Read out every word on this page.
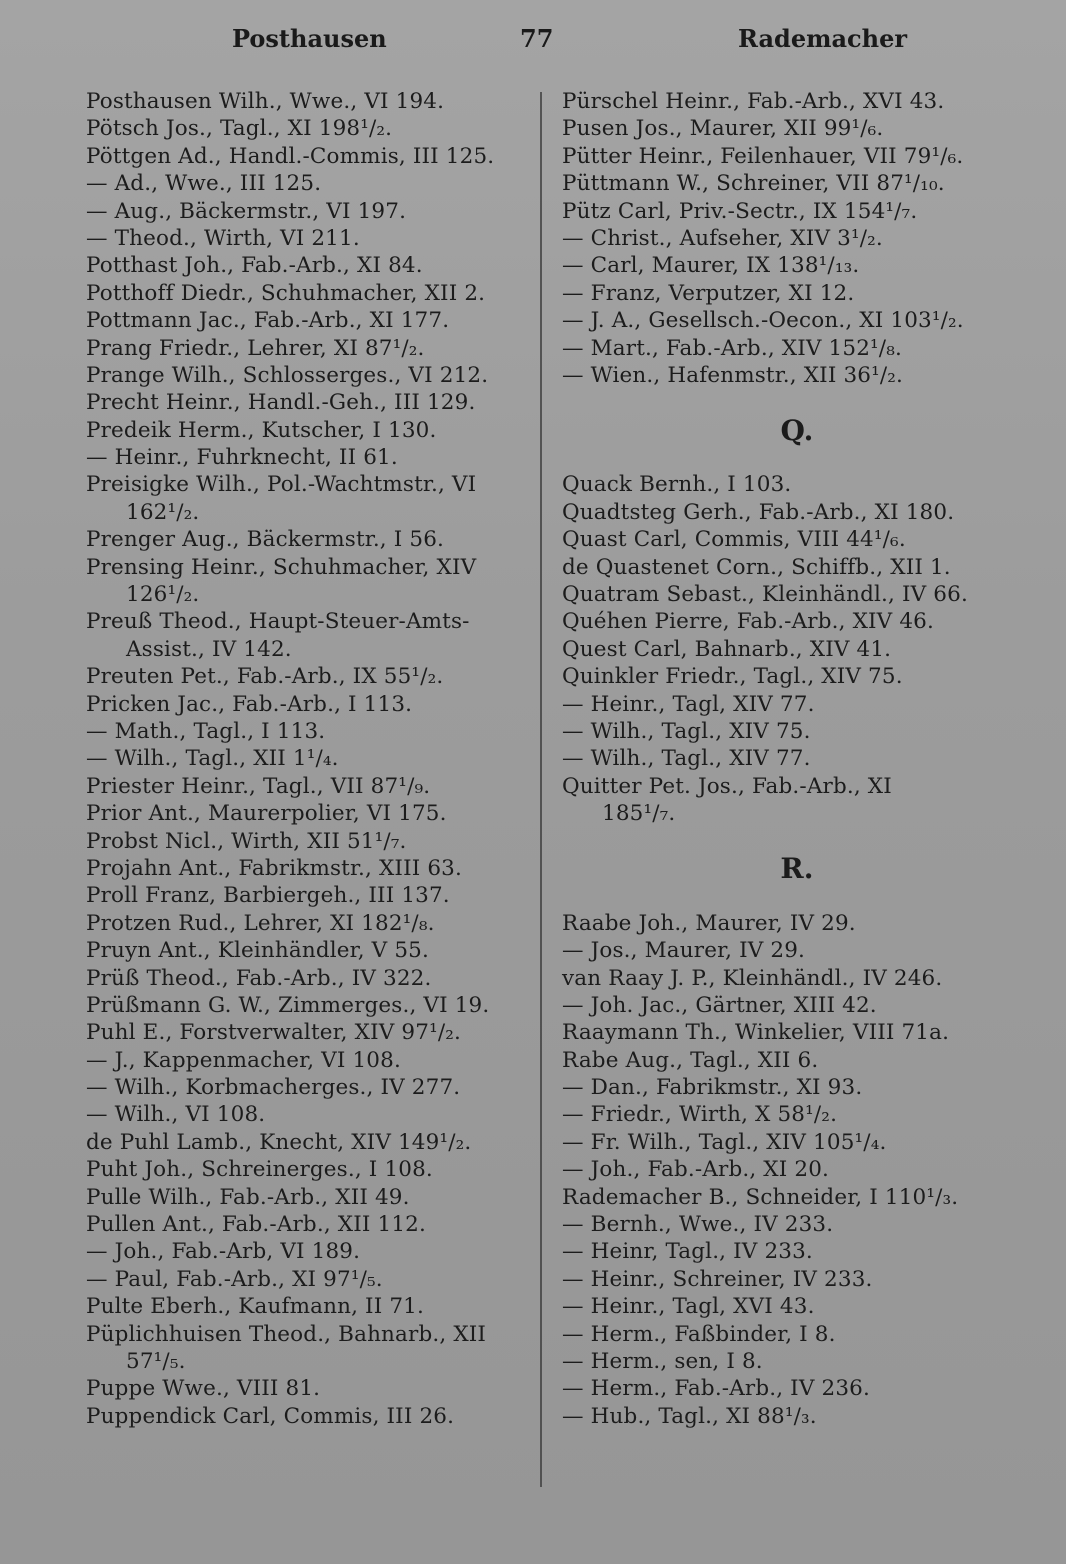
Posthausen	77	Rademacher
Posthausen Wilh., Wwe., VI 194.
Pötsch Jos., Tagl., XI 198¹/₂.
Pöttgen Ad., Handl.-Commis, III 125.
— Ad., Wwe., III 125.
— Aug., Bäckermstr., VI 197.
— Theod., Wirth, VI 211.
Potthast Joh., Fab.-Arb., XI 84.
Potthoff Diedr., Schuhmacher, XII 2.
Pottmann Jac., Fab.-Arb., XI 177.
Prang Friedr., Lehrer, XI 87¹/₂.
Prange Wilh., Schlosserges., VI 212.
Precht Heinr., Handl.-Geh., III 129.
Predeik Herm., Kutscher, I 130.
— Heinr., Fuhrknecht, II 61.
Preisigke Wilh., Pol.-Wachtmstr., VI
162¹/₂.
Prenger Aug., Bäckermstr., I 56.
Prensing Heinr., Schuhmacher, XIV
126¹/₂.
Preuß Theod., Haupt-Steuer-Amts-
Assist., IV 142.
Preuten Pet., Fab.-Arb., IX 55¹/₂.
Pricken Jac., Fab.-Arb., I 113.
— Math., Tagl., I 113.
— Wilh., Tagl., XII 1¹/₄.
Priester Heinr., Tagl., VII 87¹/₉.
Prior Ant., Maurerpolier, VI 175.
Probst Nicl., Wirth, XII 51¹/₇.
Projahn Ant., Fabrikmstr., XIII 63.
Proll Franz, Barbiergeh., III 137.
Protzen Rud., Lehrer, XI 182¹/₈.
Pruyn Ant., Kleinhändler, V 55.
Prüß Theod., Fab.-Arb., IV 322.
Prüßmann G. W., Zimmerges., VI 19.
Puhl E., Forstverwalter, XIV 97¹/₂.
— J., Kappenmacher, VI 108.
— Wilh., Korbmacherges., IV 277.
— Wilh., VI 108.
de Puhl Lamb., Knecht, XIV 149¹/₂.
Puht Joh., Schreinerges., I 108.
Pulle Wilh., Fab.-Arb., XII 49.
Pullen Ant., Fab.-Arb., XII 112.
— Joh., Fab.-Arb, VI 189.
— Paul, Fab.-Arb., XI 97¹/₅.
Pulte Eberh., Kaufmann, II 71.
Püplichhuisen Theod., Bahnarb., XII
57¹/₅.
Puppe Wwe., VIII 81.
Puppendick Carl, Commis, III 26.
Pürschel Heinr., Fab.-Arb., XVI 43.
Pusen Jos., Maurer, XII 99¹/₆.
Pütter Heinr., Feilenhauer, VII 79¹/₆.
Püttmann W., Schreiner, VII 87¹/₁₀.
Pütz Carl, Priv.-Sectr., IX 154¹/₇.
— Christ., Aufseher, XIV 3¹/₂.
— Carl, Maurer, IX 138¹/₁₃.
— Franz, Verputzer, XI 12.
— J. A., Gesellsch.-Oecon., XI 103¹/₂.
— Mart., Fab.-Arb., XIV 152¹/₈.
— Wien., Hafenmstr., XII 36¹/₂.
Q.
Quack Bernh., I 103.
Quadtsteg Gerh., Fab.-Arb., XI 180.
Quast Carl, Commis, VIII 44¹/₆.
de Quastenet Corn., Schiffb., XII 1.
Quatram Sebast., Kleinhändl., IV 66.
Quéhen Pierre, Fab.-Arb., XIV 46.
Quest Carl, Bahnarb., XIV 41.
Quinkler Friedr., Tagl., XIV 75.
— Heinr., Tagl, XIV 77.
— Wilh., Tagl., XIV 75.
— Wilh., Tagl., XIV 77.
Quitter Pet. Jos., Fab.-Arb., XI
185¹/₇.
R.
Raabe Joh., Maurer, IV 29.
— Jos., Maurer, IV 29.
van Raay J. P., Kleinhändl., IV 246.
— Joh. Jac., Gärtner, XIII 42.
Raaymann Th., Winkelier, VIII 71a.
Rabe Aug., Tagl., XII 6.
— Dan., Fabrikmstr., XI 93.
— Friedr., Wirth, X 58¹/₂.
— Fr. Wilh., Tagl., XIV 105¹/₄.
— Joh., Fab.-Arb., XI 20.
Rademacher B., Schneider, I 110¹/₃.
— Bernh., Wwe., IV 233.
— Heinr, Tagl., IV 233.
— Heinr., Schreiner, IV 233.
— Heinr., Tagl, XVI 43.
— Herm., Faßbinder, I 8.
— Herm., sen, I 8.
— Herm., Fab.-Arb., IV 236.
— Hub., Tagl., XI 88¹/₃.
